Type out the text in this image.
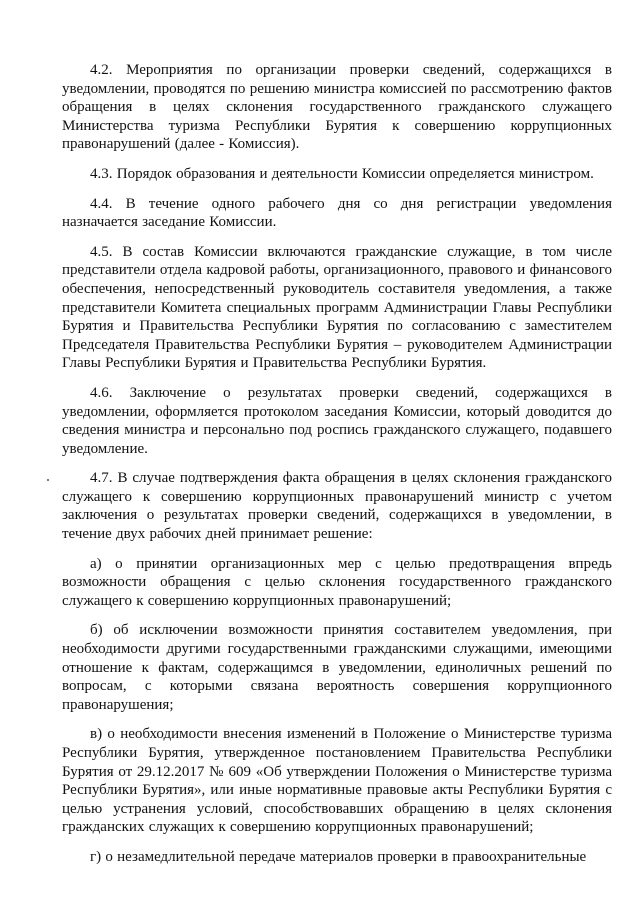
4.2. Мероприятия по организации проверки сведений, содержащихся в уведомлении, проводятся по решению министра комиссией по рассмотрению фактов обращения в целях склонения государственного гражданского служащего Министерства туризма Республики Бурятия к совершению коррупционных правонарушений (далее - Комиссия).

4.3. Порядок образования и деятельности Комиссии определяется министром.

4.4. В течение одного рабочего дня со дня регистрации уведомления назначается заседание Комиссии.

4.5. В состав Комиссии включаются гражданские служащие, в том числе представители отдела кадровой работы, организационного, правового и финансового обеспечения, непосредственный руководитель составителя уведомления, а также представители Комитета специальных программ Администрации Главы Республики Бурятия и Правительства Республики Бурятия по согласованию с заместителем Председателя Правительства Республики Бурятия – руководителем Администрации Главы Республики Бурятия и Правительства Республики Бурятия.

4.6. Заключение о результатах проверки сведений, содержащихся в уведомлении, оформляется протоколом заседания Комиссии, который доводится до сведения министра и персонально под роспись гражданского служащего, подавшего уведомление.

4.7. В случае подтверждения факта обращения в целях склонения гражданского служащего к совершению коррупционных правонарушений министр с учетом заключения о результатах проверки сведений, содержащихся в уведомлении, в течение двух рабочих дней принимает решение:

а) о принятии организационных мер с целью предотвращения впредь возможности обращения с целью склонения государственного гражданского служащего к совершению коррупционных правонарушений;

б) об исключении возможности принятия составителем уведомления, при необходимости другими государственными гражданскими служащими, имеющими отношение к фактам, содержащимся в уведомлении, единоличных решений по вопросам, с которыми связана вероятность совершения коррупционного правонарушения;

в) о необходимости внесения изменений в Положение о Министерстве туризма Республики Бурятия, утвержденное постановлением Правительства Республики Бурятия от 29.12.2017 № 609 «Об утверждении Положения о Министерстве туризма Республики Бурятия», или иные нормативные правовые акты Республики Бурятия с целью устранения условий, способствовавших обращению в целях склонения гражданских служащих к совершению коррупционных правонарушений;

г) о незамедлительной передаче материалов проверки в правоохранительные
